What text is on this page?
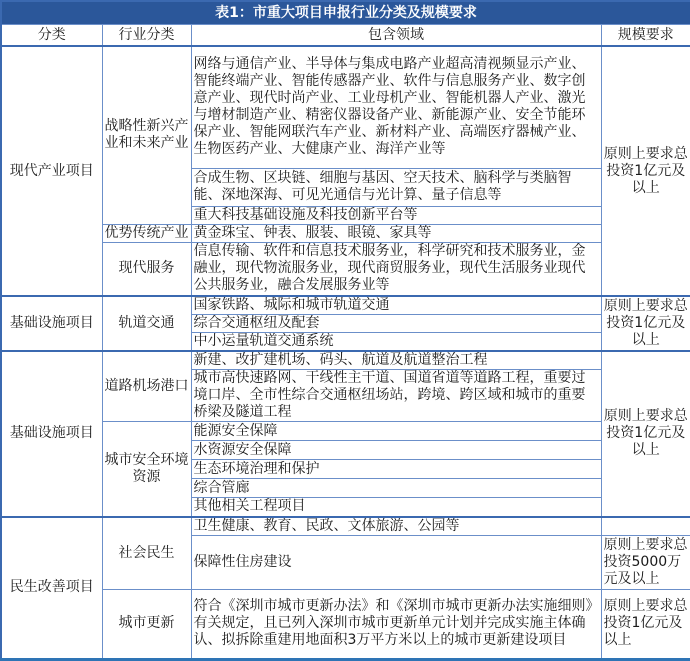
表1：市重大项目申报行业分类及规模要求			
分类	行业分类	包含领域	规模要求
现代产业项目	战略性新兴产业和未来产业	网络与通信产业、半导体与集成电路产业超高清视频显示产业、智能终端产业、智能传感器产业、软件与信息服务产业、数字创意产业、现代时尚产业、工业母机产业、智能机器人产业、激光与增材制造产业、精密仪器设备产业、新能源产业、安全节能环保产业、智能网联汽车产业、新材料产业、高端医疗器械产业、生物医药产业、大健康产业、海洋产业等	原则上要求总投资1亿元及以上
		合成生物、区块链、细胞与基因、空天技术、脑科学与类脑智能、深地深海、可见光通信与光计算、量子信息等	
		重大科技基础设施及科技创新平台等	
	优势传统产业	黄金珠宝、钟表、服装、眼镜、家具等	
	现代服务	信息传输、软件和信息技术服务业，科学研究和技术服务业，金融业，现代物流服务业，现代商贸服务业，现代生活服务业现代公共服务业，融合发展服务业等	
基础设施项目	轨道交通	国家铁路、城际和城市轨道交通	原则上要求总投资1亿元及以上
		综合交通枢纽及配套	
		中小运量轨道交通系统	
基础设施项目	道路机场港口	新建、改扩建机场、码头、航道及航道整治工程	原则上要求总投资1亿元及以上
		城市高快速路网、干线性主干道、国道省道等道路工程，重要过境口岸、全市性综合交通枢纽场站，跨境、跨区域和城市的重要桥梁及隧道工程	
	城市安全环境资源	能源安全保障	
		水资源安全保障	
		生态环境治理和保护	
		综合管廊	
		其他相关工程项目	
民生改善项目	社会民生	卫生健康、教育、民政、文体旅游、公园等	
		保障性住房建设	原则上要求总投资5000万元及以上
	城市更新	符合《深圳市城市更新办法》和《深圳市城市更新办法实施细则》有关规定，且已列入深圳市城市更新单元计划并完成实施主体确认、拟拆除重建用地面积3万平方米以上的城市更新建设项目	原则上要求总投资1亿元及以上
